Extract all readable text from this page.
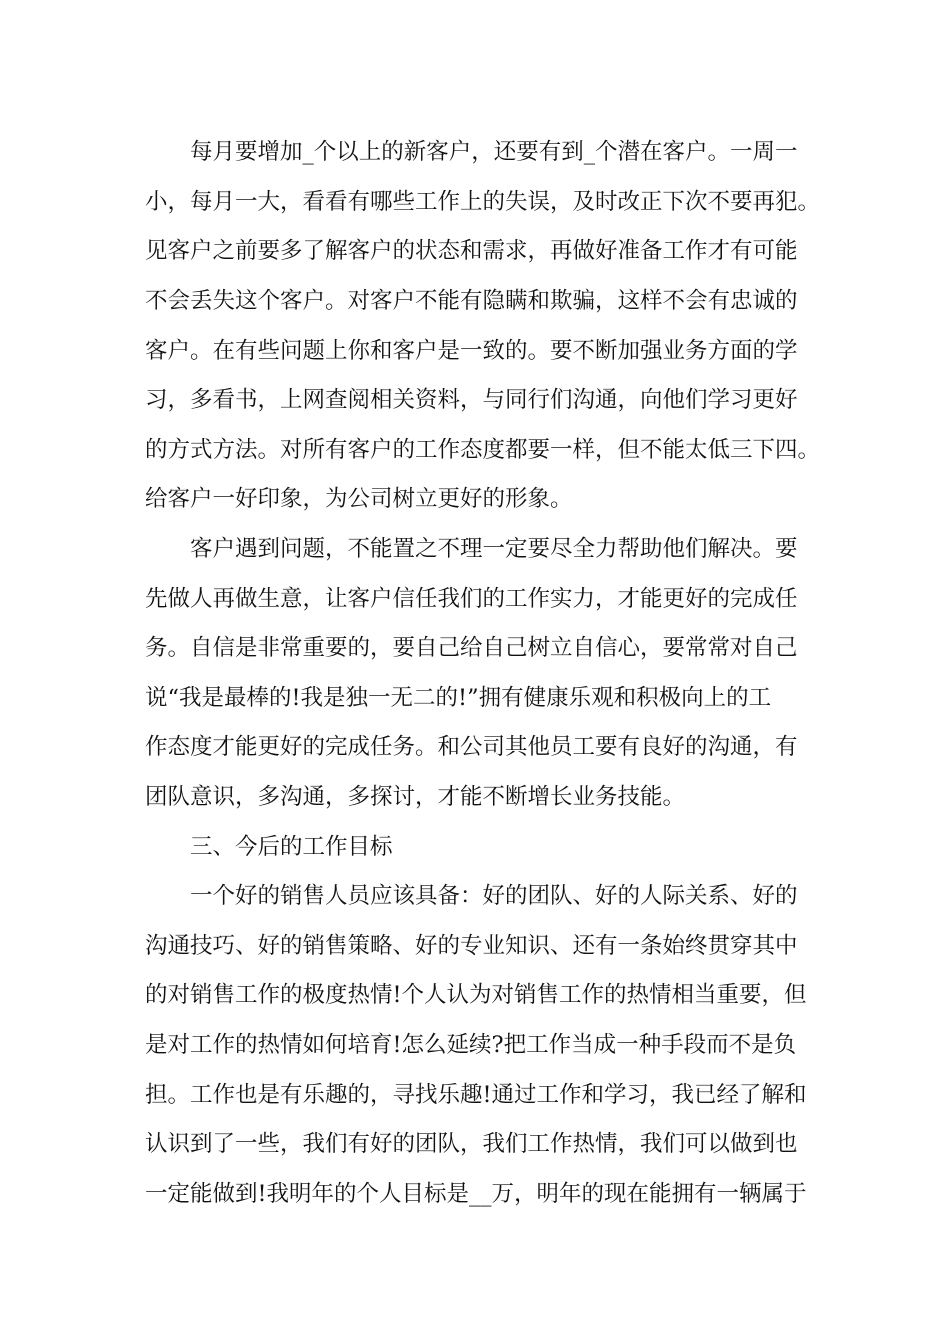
每月要增加_个以上的新客户，还要有到_个潜在客户。一周一
小，每月一大，看看有哪些工作上的失误，及时改正下次不要再犯。
见客户之前要多了解客户的状态和需求，再做好准备工作才有可能
不会丢失这个客户。对客户不能有隐瞒和欺骗，这样不会有忠诚的
客户。在有些问题上你和客户是一致的。要不断加强业务方面的学
习，多看书，上网查阅相关资料，与同行们沟通，向他们学习更好
的方式方法。对所有客户的工作态度都要一样，但不能太低三下四。
给客户一好印象，为公司树立更好的形象。
客户遇到问题，不能置之不理一定要尽全力帮助他们解决。要
先做人再做生意，让客户信任我们的工作实力，才能更好的完成任
务。自信是非常重要的，要自己给自己树立自信心，要常常对自己
说“我是最棒的!我是独一无二的!”拥有健康乐观和积极向上的工
作态度才能更好的完成任务。和公司其他员工要有良好的沟通，有
团队意识，多沟通，多探讨，才能不断增长业务技能。
三、今后的工作目标
一个好的销售人员应该具备：好的团队、好的人际关系、好的
沟通技巧、好的销售策略、好的专业知识、还有一条始终贯穿其中
的对销售工作的极度热情!个人认为对销售工作的热情相当重要，但
是对工作的热情如何培育!怎么延续?把工作当成一种手段而不是负
担。工作也是有乐趣的，寻找乐趣!通过工作和学习，我已经了解和
认识到了一些，我们有好的团队，我们工作热情，我们可以做到也
一定能做到!我明年的个人目标是__万，明年的现在能拥有一辆属于
